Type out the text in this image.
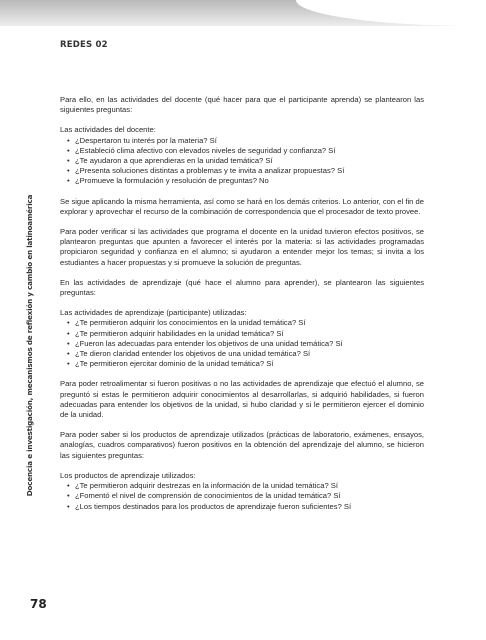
REDES 02
Docencia e investigación, mecanismos de reflexión y cambio en latinoamérica

Para ello, en las actividades del docente (qué hacer para que el participante aprenda) se plantearon las siguientes preguntas:

Las actividades del docente:
• ¿Despertaron tu interés por la materia? Sí
• ¿Estableció clima afectivo con elevados niveles de seguridad y confianza? Sí
• ¿Te ayudaron a que aprendieras en la unidad temática? Sí
• ¿Presenta soluciones distintas a problemas y te invita a analizar propuestas? Sí
• ¿Promueve la formulación y resolución de preguntas? No

Se sigue aplicando la misma herramienta, así como se hará en los demás criterios. Lo anterior, con el fin de explorar y aprovechar el recurso de la combinación de correspondencia que el procesador de texto provee.

Para poder verificar si las actividades que programa el docente en la unidad tuvieron efectos positivos, se plantearon preguntas que apunten a favorecer el interés por la materia: si las actividades programadas propiciaron seguridad y confianza en el alumno; si ayudaron a entender mejor los temas; si invita a los estudiantes a hacer propuestas y si promueve la solución de preguntas.

En las actividades de aprendizaje (qué hace el alumno para aprender), se plantearon las siguientes preguntas:

Las actividades de aprendizaje (participante) utilizadas:
• ¿Te permitieron adquirir los conocimientos en la unidad temática? Sí
• ¿Te permitieron adquirir habilidades en la unidad temática? Sí
• ¿Fueron las adecuadas para entender los objetivos de una unidad temática? Sí
• ¿Te dieron claridad entender los objetivos de una unidad temática? Sí
• ¿Te permitieron ejercitar dominio de la unidad temática? Sí

Para poder retroalimentar si fueron positivas o no las actividades de aprendizaje que efectuó el alumno, se preguntó si estas le permitieron adquirir conocimientos al desarrollarlas, si adquirió habilidades, si fueron adecuadas para entender los objetivos de la unidad, si hubo claridad y si le permitieron ejercer el dominio de la unidad.

Para poder saber si los productos de aprendizaje utilizados (prácticas de laboratorio, exámenes, ensayos, analogías, cuadros comparativos) fueron positivos en la obtención del aprendizaje del alumno, se hicieron las siguientes preguntas:

Los productos de aprendizaje utilizados:
• ¿Te permitieron adquirir destrezas en la información de la unidad temática? Sí
• ¿Fomentó el nivel de comprensión de conocimientos de la unidad temática? Sí
• ¿Los tiempos destinados para los productos de aprendizaje fueron suficientes? Sí
78
